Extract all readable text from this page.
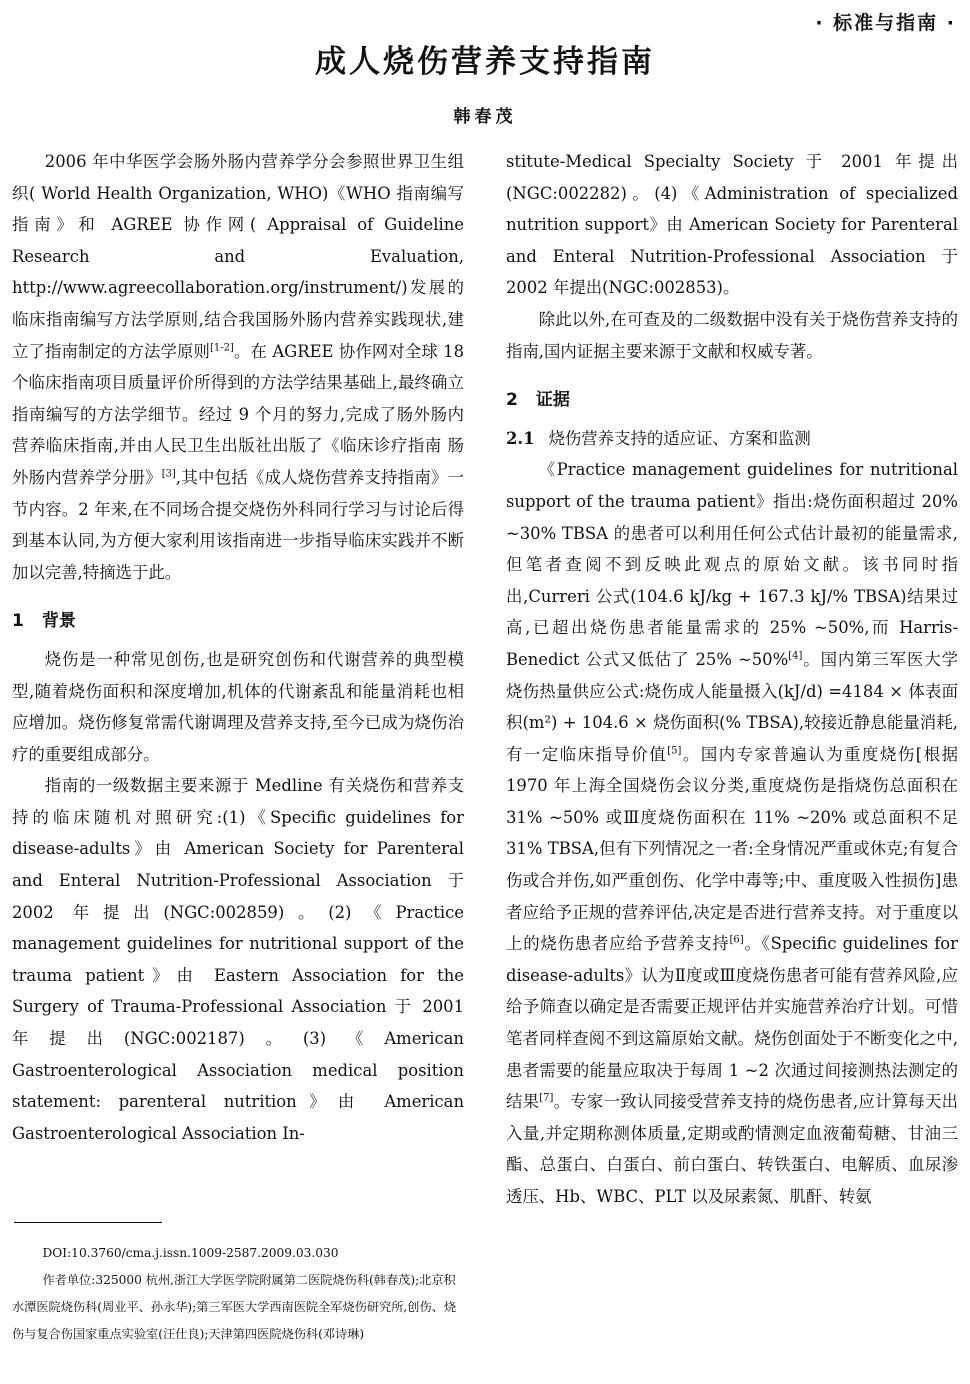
· 标准与指南 ·
成人烧伤营养支持指南
韩春茂

2006 年中华医学会肠外肠内营养学分会参照世界卫生组织( World Health Organization, WHO)《WHO 指南编写指南》和 AGREE 协作网( Appraisal of Guideline Research and Evaluation, http://www.agreecollaboration.org/instrument/)发展的临床指南编写方法学原则,结合我国肠外肠内营养实践现状,建立了指南制定的方法学原则[1-2]。在 AGREE 协作网对全球 18 个临床指南项目质量评价所得到的方法学结果基础上,最终确立指南编写的方法学细节。经过 9 个月的努力,完成了肠外肠内营养临床指南,并由人民卫生出版社出版了《临床诊疗指南 肠外肠内营养学分册》[3],其中包括《成人烧伤营养支持指南》一节内容。2 年来,在不同场合提交烧伤外科同行学习与讨论后得到基本认同,为方便大家利用该指南进一步指导临床实践并不断加以完善,特摘选于此。

1 背景

烧伤是一种常见创伤,也是研究创伤和代谢营养的典型模型,随着烧伤面积和深度增加,机体的代谢紊乱和能量消耗也相应增加。烧伤修复常需代谢调理及营养支持,至今已成为烧伤治疗的重要组成部分。

指南的一级数据主要来源于 Medline 有关烧伤和营养支持的临床随机对照研究:(1)《Specific guidelines for disease-adults》由 American Society for Parenteral and Enteral Nutrition-Professional Association 于 2002 年提出(NGC:002859)。(2)《Practice management guidelines for nutritional support of the trauma patient》由 Eastern Association for the Surgery of Trauma-Professional Association 于 2001 年提出(NGC:002187)。(3)《American Gastroenterological Association medical position statement: parenteral nutrition》由 American Gastroenterological Association In-

DOI:10.3760/cma.j.issn.1009-2587.2009.03.030
作者单位:325000 杭州,浙江大学医学院附属第二医院烧伤科(韩春茂);北京积水潭医院烧伤科(周业平、孙永华);第三军医大学西南医院全军烧伤研究所,创伤、烧伤与复合伤国家重点实验室(汪仕良);天津第四医院烧伤科(邓诗琳)

stitute-Medical Specialty Society 于 2001 年提出(NGC:002282)。(4)《Administration of specialized nutrition support》由 American Society for Parenteral and Enteral Nutrition-Professional Association 于 2002 年提出(NGC:002853)。

除此以外,在可查及的二级数据中没有关于烧伤营养支持的指南,国内证据主要来源于文献和权威专著。

2 证据
2.1 烧伤营养支持的适应证、方案和监测

《Practice management guidelines for nutritional support of the trauma patient》指出:烧伤面积超过 20% ~30% TBSA 的患者可以利用任何公式估计最初的能量需求,但笔者查阅不到反映此观点的原始文献。该书同时指出,Curreri 公式(104.6 kJ/kg + 167.3 kJ/% TBSA)结果过高,已超出烧伤患者能量需求的 25% ~50%,而 Harris-Benedict 公式又低估了 25% ~50%[4]。国内第三军医大学烧伤热量供应公式:烧伤成人能量摄入(kJ/d) =4184 × 体表面积(m²) + 104.6 × 烧伤面积(% TBSA),较接近静息能量消耗,有一定临床指导价值[5]。国内专家普遍认为重度烧伤[根据 1970 年上海全国烧伤会议分类,重度烧伤是指烧伤总面积在 31% ~50% 或Ⅲ度烧伤面积在 11% ~20% 或总面积不足 31% TBSA,但有下列情况之一者:全身情况严重或休克;有复合伤或合并伤,如严重创伤、化学中毒等;中、重度吸入性损伤]患者应给予正规的营养评估,决定是否进行营养支持。对于重度以上的烧伤患者应给予营养支持[6]。《Specific guidelines for disease-adults》认为Ⅱ度或Ⅲ度烧伤患者可能有营养风险,应给予筛查以确定是否需要正规评估并实施营养治疗计划。可惜笔者同样查阅不到这篇原始文献。烧伤创面处于不断变化之中,患者需要的能量应取决于每周 1 ~2 次通过间接测热法测定的结果[7]。专家一致认同接受营养支持的烧伤患者,应计算每天出入量,并定期称测体质量,定期或酌情测定血液葡萄糖、甘油三酯、总蛋白、白蛋白、前白蛋白、转铁蛋白、电解质、血尿渗透压、Hb、WBC、PLT 以及尿素氮、肌酐、转氨
